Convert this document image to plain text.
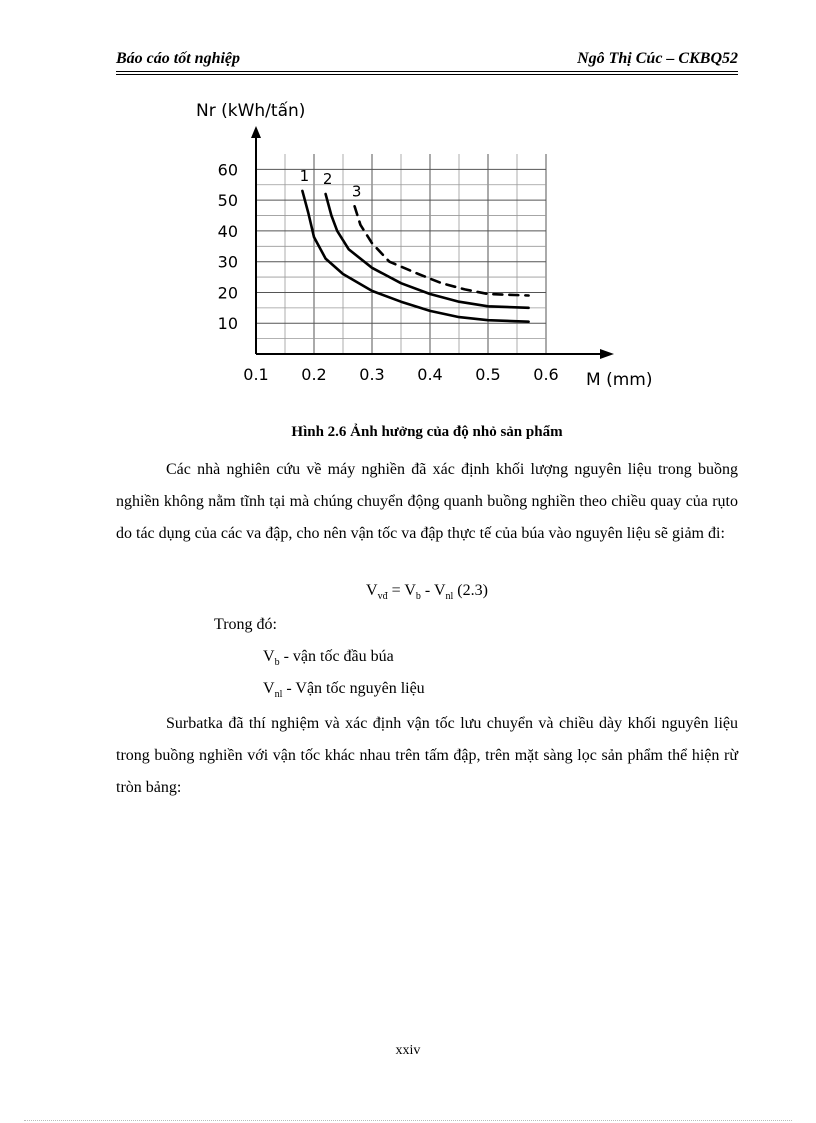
Báo cáo tốt nghiệp	Ngô Thị Cúc – CKBQ52
Nr (kWh/tấn)
M (mm)
0.1 0.2 0.3 0.4 0.5 0.6
10
20
30
40
50
60	1 2
3
Hình 2.6 Ảnh hưởng của độ nhỏ sản phẩm
Các nhà nghiên cứu về máy nghiền đã xác định khối lượng nguyên liệu trong buồng nghiền không nằm tĩnh tại mà chúng chuyển động quanh buồng nghiền theo chiều quay của rụto do tác dụng của các va đập, cho nên vận tốc va đập thực tế của búa vào nguyên liệu sẽ giảm đi:
$V_{vđ} = V_b - V_{nl}$ (2.3)
Trong đó:
$V_b$ - vận tốc đầu búa
$V_{nl}$ - Vận tốc nguyên liệu
Surbatka đã thí nghiệm và xác định vận tốc lưu chuyển và chiều dày khối nguyên liệu trong buồng nghiền với vận tốc khác nhau trên tấm đập, trên mặt sàng lọc sản phẩm thể hiện rừ tròn bảng:
xxiv
